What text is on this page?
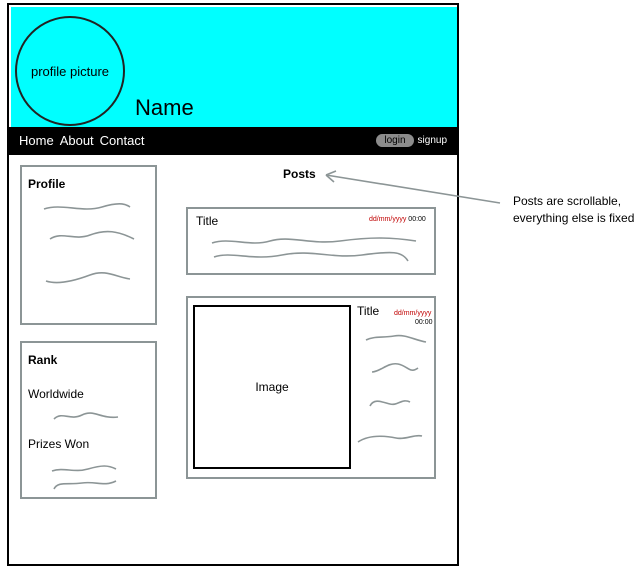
profile picture
Name
Home About Contact	login	signup
Profile
Rank
Worldwide
Prizes Won
Posts
Title	dd/mm/yyyy 00:00
Image
Title dd/mm/yyyy
00:00
Posts are scrollable,
everything else is fixed
